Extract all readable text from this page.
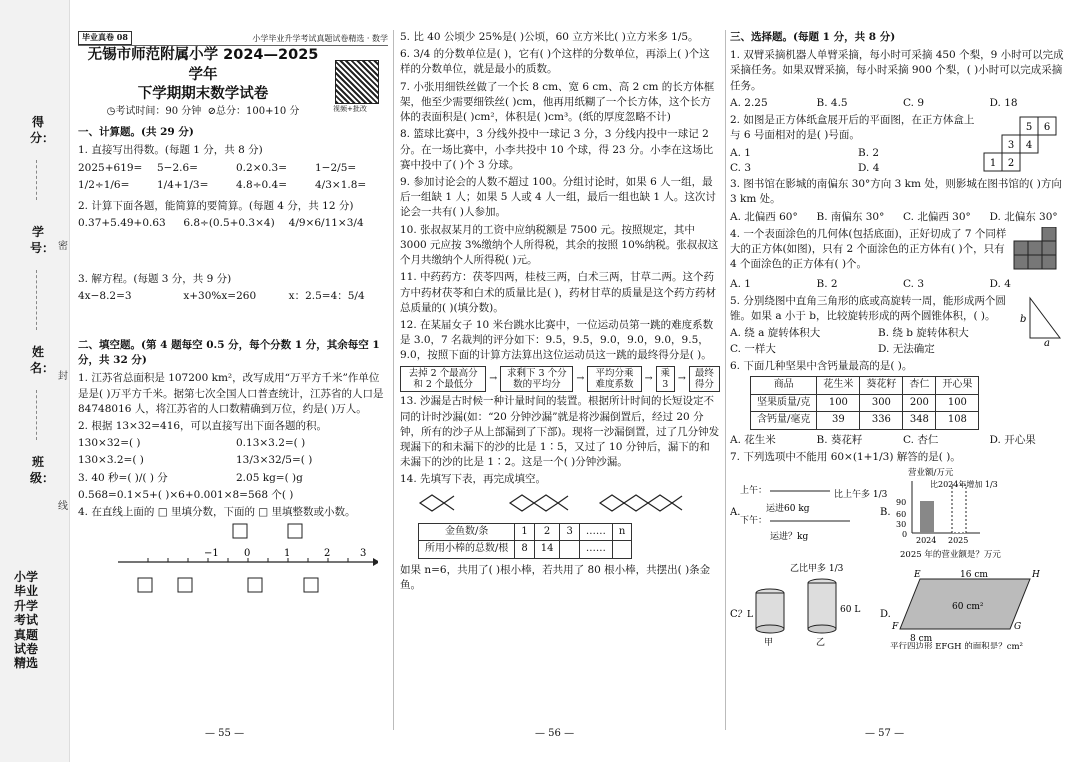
得分：
学号：
姓名：
班级：
密
封
线
小学毕业升学考试真题试卷精选
小学毕业升学考试真题试卷精选 · 数学
毕业真卷 08
视频+批改
无锡市师范附属小学 2024—2025 学年
下学期期末数学试卷
◷考试时间：90 分钟 ⊘总分：100+10 分
一、计算题。(共 29 分)
1. 直接写出得数。(每题 1 分，共 8 分)
2025+619=	5−2.6=	0.2×0.3=	1−2/5=
1/2÷1/6=	1/4+1/3=	4.8÷0.4=	4/3×1.8=
2. 计算下面各题，能简算的要简算。(每题 4 分，共 12 分)
0.37+5.49+0.63	6.8÷(0.5+0.3×4)	4/9×6/11×3/4
3. 解方程。(每题 3 分，共 9 分)
4x−8.2=3	x+30%x=260	x：2.5=4：5/4
二、填空题。(第 4 题每空 0.5 分，每个分数 1 分，其余每空 1 分，共 32 分)
1. 江苏省总面积是 107200 km²，改写成用“万平方千米”作单位是是( )万平方千米。据第七次全国人口普查统计，江苏省的人口是 84748016 人，将江苏省的人口数精确到万位，约是( )万人。
2. 根据 13×32=416，可以直接写出下面各题的积。
130×32=( )	0.13×3.2=( )
130×3.2=( )	13/3×32/5=( )
3. 40 秒=( )/( ) 分	2.05 kg=( )g
0.568=0.1×5+( )×6+0.001×8=568 个( )
4. 在直线上面的 □ 里填分数，下面的 □ 里填整数或小数。
−1	0	1	2	3
— 55 —
5. 比 40 公顷少 25%是( )公顷，60 立方米比( )立方米多 1/5。
6. 3/4 的分数单位是( )，它有( )个这样的分数单位，再添上( )个这样的分数单位，就是最小的质数。
7. 小张用细铁丝做了一个长 8 cm、宽 6 cm、高 2 cm 的长方体框架，他至少需要细铁丝( )cm，他再用纸糊了一个长方体，这个长方体的表面积是( )cm²，体积是( )cm³。(纸的厚度忽略不计)
8. 篮球比赛中，3 分线外投中一球记 3 分，3 分线内投中一球记 2 分。在一场比赛中，小李共投中 10 个球，得 23 分。小李在这场比赛中投中了( )个 3 分球。
9. 参加讨论会的人数不超过 100。分组讨论时，如果 6 人一组，最后一组缺 1 人；如果 5 人或 4 人一组，最后一组也缺 1 人。这次讨论会一共有( )人参加。
10. 张叔叔某月的工资中应纳税额是 7500 元。按照规定，其中 3000 元应按 3%缴纳个人所得税，其余的按照 10%纳税。张叔叔这个月共缴纳个人所得税( )元。
11. 中药药方：茯苓四两，桂枝三两，白术三两，甘草二两。这个药方中药材茯苓和白术的质量比是( )，药材甘草的质量是这个药方药材总质量的( )(填分数)。
12. 在某届女子 10 米台跳水比赛中，一位运动员第一跳的难度系数是 3.0，7 名裁判的评分如下：9.5，9.5，9.0，9.0，9.0，9.5，9.0，按照下面的计算方法算出这位运动员这一跳的最终得分是( )。
去掉 2 个最高分和 2 个最低分
→	求剩下 3 个分数的平均分
→	平均分乘难度系数
→ 乘 3
→ 最终得分
13. 沙漏是古时候一种计量时间的装置。根据所计时间的长短设定不同的计时沙漏(如：“20 分钟沙漏”就是将沙漏倒置后，经过 20 分钟，所有的沙子从上部漏到了下部)。现将一沙漏倒置，过了几分钟发现漏下的和未漏下的沙的比是 1∶5，又过了 10 分钟后，漏下的和未漏下的沙的比是 1∶2。这是一个( )分钟沙漏。
14. 先填写下表，再完成填空。
金鱼数/条	1	2	3	……	n
所用小棒的总数/根	8	14		……	
如果 n=6，共用了( )根小棒，若共用了 80 根小棒，共摆出( )条金鱼。
— 56 —
三、选择题。(每题 1 分，共 8 分)
1. 双臂采摘机器人单臂采摘，每小时可采摘 450 个梨，9 小时可以完成采摘任务。如果双臂采摘，每小时采摘 900 个梨，( )小时可以完成采摘任务。
A. 2.25	B. 4.5	C. 9	D. 18
2. 如图是正方体纸盒展开后的平面图，在正方体盒上与 6 号面相对的是( )号面。
A. 1	B. 2
C. 3	D. 4
5 6
3 4
1 2
3. 图书馆在影城的南偏东 30°方向 3 km 处，则影城在图书馆的( )方向 3 km 处。
A. 北偏西 60°	B. 南偏东 30°	C. 北偏西 30°	D. 北偏东 30°
4. 一个表面涂色的几何体(包括底面)，正好切成了 7 个同样大的正方体(如图)，只有 2 个面涂色的正方体有( )个，只有 4 个面涂色的正方体有( )个。
A. 1	B. 2	C. 3	D. 4
5. 分别绕图中直角三角形的底或高旋转一周，能形成两个圆锥。如果 a 小于 b，比较旋转形成的两个圆锥体积，( )。
A. 绕 a 旋转体积大	B. 绕 b 旋转体积大
C. 一样大	D. 无法确定
b
a
6. 下面几种坚果中含钙量最高的是( )。
商品	花生米	葵花籽	杏仁	开心果
坚果质量/克	100	300	200	100
含钙量/毫克	39	336	348	108
A. 花生米	B. 葵花籽	C. 杏仁	D. 开心果
7. 下列选项中不能用 60×(1+1/3) 解答的是( )。
A.
上午：
运进60 kg
比上午多 1/3
下午：
运进？kg
B.
营业额/万元
比2024年增加 1/3
90
60
30
0
2024 2025
2025 年的营业额是？万元
C.
乙比甲多 1/3
？L	60 L
甲	乙
D.
16 cm
60 cm²
8 cm
平行四边形 EFGH 的面积是？cm²
E	H
F	G
— 57 —
